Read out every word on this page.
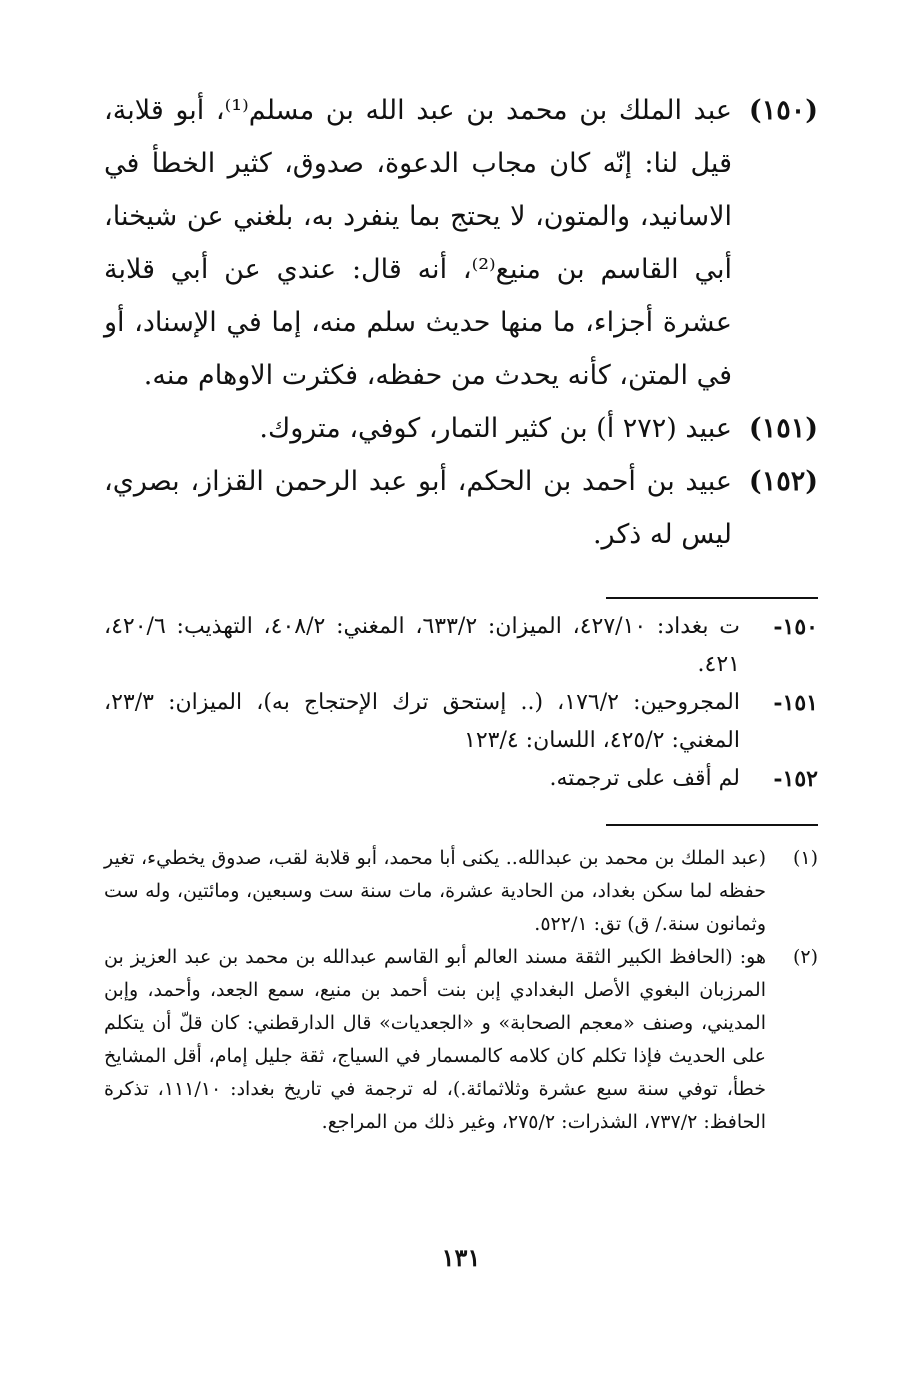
(١٥٠)
عبد الملك بن محمد بن عبد الله بن مسلم⁽¹⁾، أبو قلابة، قيل لنا: إنّه كان مجاب الدعوة، صدوق، كثير الخطأ في الاسانيد، والمتون، لا يحتج بما ينفرد به، بلغني عن شيخنا، أبي القاسم بن منيع⁽²⁾، أنه قال: عندي عن أبي قلابة عشرة أجزاء، ما منها حديث سلم منه، إما في الإسناد، أو في المتن، كأنه يحدث من حفظه، فكثرت الاوهام منه.
(١٥١)
عبيد (٢٧٢ أ) بن كثير التمار، كوفي، متروك.
(١٥٢)
عبيد بن أحمد بن الحكم، أبو عبد الرحمن القزاز، بصري، ليس له ذكر.
١٥٠-
ت بغداد: ٤٢٧/١٠، الميزان: ٦٣٣/٢، المغني: ٤٠٨/٢، التهذيب: ٤٢٠/٦، ٤٢١.
١٥١-
المجروحين: ١٧٦/٢، (.. إستحق ترك الإحتجاج به)، الميزان: ٢٣/٣، المغني: ٤٢٥/٢، اللسان: ١٢٣/٤
١٥٢-
لم أقف على ترجمته.
(١)
(عبد الملك بن محمد بن عبدالله.. يكنى أبا محمد، أبو قلابة لقب، صدوق يخطيء، تغير حفظه لما سكن بغداد، من الحادية عشرة، مات سنة ست وسبعين، ومائتين، وله ست وثمانون سنة./ ق) تق: ٥٢٢/١.
(٢)
هو: (الحافظ الكبير الثقة مسند العالم أبو القاسم عبدالله بن محمد بن عبد العزيز بن المرزبان البغوي الأصل البغدادي إبن بنت أحمد بن منيع، سمع الجعد، وأحمد، وإبن المديني، وصنف «معجم الصحابة» و «الجعديات» قال الدارقطني: كان قلّ أن يتكلم على الحديث فإذا تكلم كان كلامه كالمسمار في السياج، ثقة جليل إمام، أقل المشايخ خطأ، توفي سنة سبع عشرة وثلاثمائة.)، له ترجمة في تاريخ بغداد: ١١١/١٠، تذكرة الحافظ: ٧٣٧/٢، الشذرات: ٢٧٥/٢، وغير ذلك من المراجع.
١٣١
